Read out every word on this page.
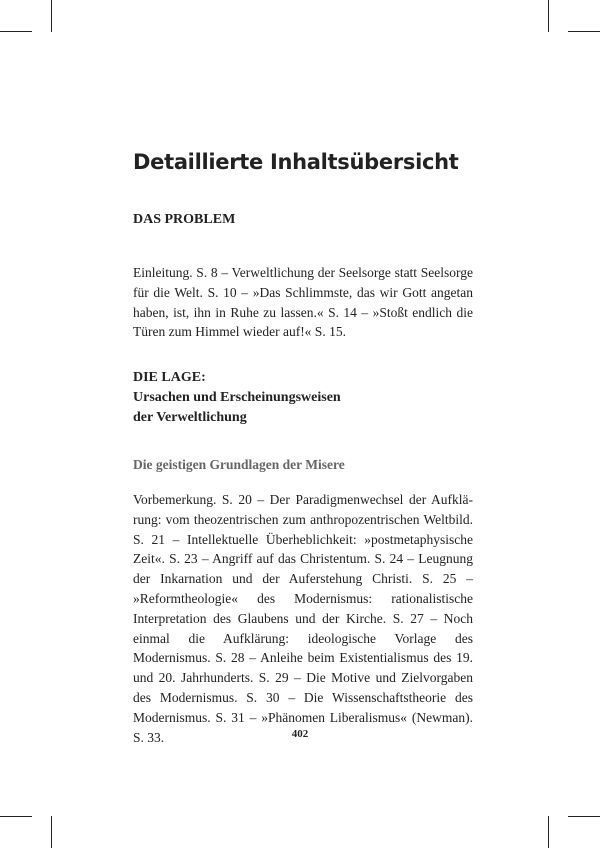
Detaillierte Inhaltsübersicht
DAS PROBLEM

Einleitung. S. 8 – Verweltlichung der Seelsorge statt Seelsorge für die Welt. S. 10 – »Das Schlimmste, das wir Gott angetan haben, ist, ihn in Ruhe zu lassen.« S. 14 – »Stoßt endlich die Türen zum Himmel wieder auf!« S. 15.

DIE LAGE:
Ursachen und Erscheinungsweisen
der Verweltlichung
Die geistigen Grundlagen der Misere

Vorbemerkung. S. 20 – Der Paradigmenwechsel der Aufklärung: vom theozentrischen zum anthropozentrischen Weltbild. S. 21 – Intellektuelle Überheblichkeit: »postmetaphysische Zeit«. S. 23 – Angriff auf das Christentum. S. 24 – Leugnung der Inkarnation und der Auferstehung Christi. S. 25 – »Reformtheologie« des Modernismus: rationalistische Interpretation des Glaubens und der Kirche. S. 27 – Noch einmal die Aufklärung: ideologische Vorlage des Modernismus. S. 28 – Anleihe beim Existentialismus des 19. und 20. Jahrhunderts. S. 29 – Die Motive und Zielvorgaben des Modernismus. S. 30 – Die Wissenschaftstheorie des Modernismus. S. 31 – »Phänomen Liberalismus« (Newman). S. 33.	402
